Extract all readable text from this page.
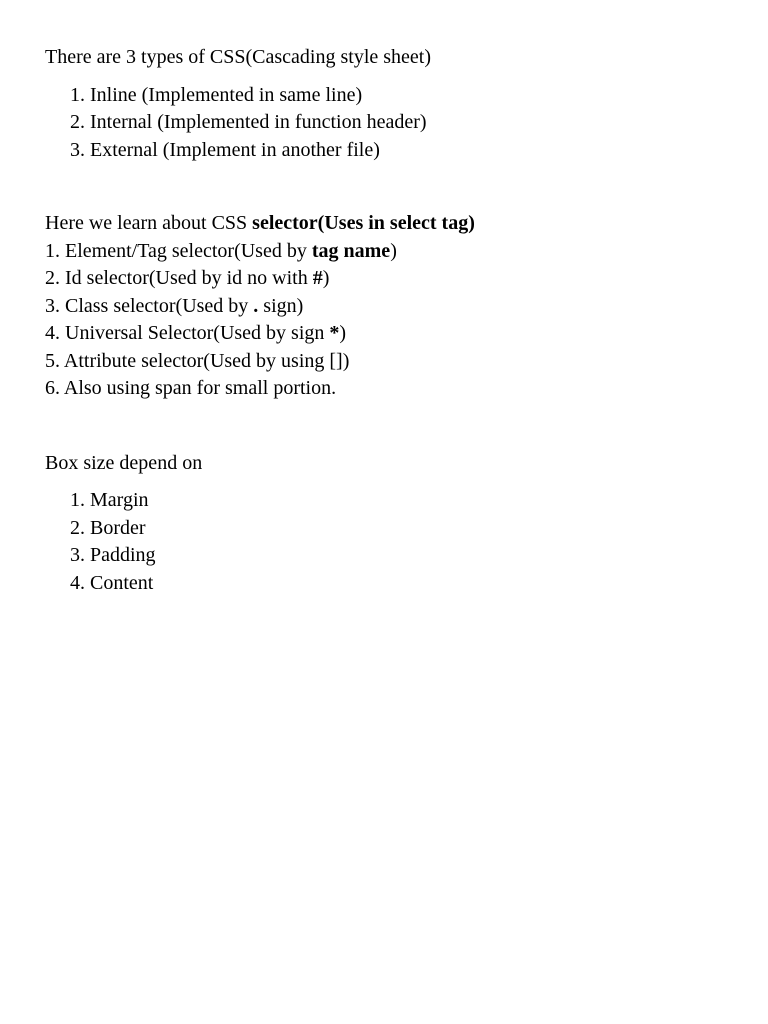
There are 3 types of CSS(Cascading style sheet)

1. Inline (Implemented in same line)
2. Internal (Implemented in function header)
3. External (Implement in another file)

Here we learn about CSS selector(Uses in select tag)

1. Element/Tag selector(Used by tag name)

2. Id selector(Used by id no with #)

3. Class selector(Used by . sign)

4. Universal Selector(Used by sign *)

5. Attribute selector(Used by using [])

6. Also using span for small portion.

Box size depend on

1. Margin
2. Border
3. Padding
4. Content
